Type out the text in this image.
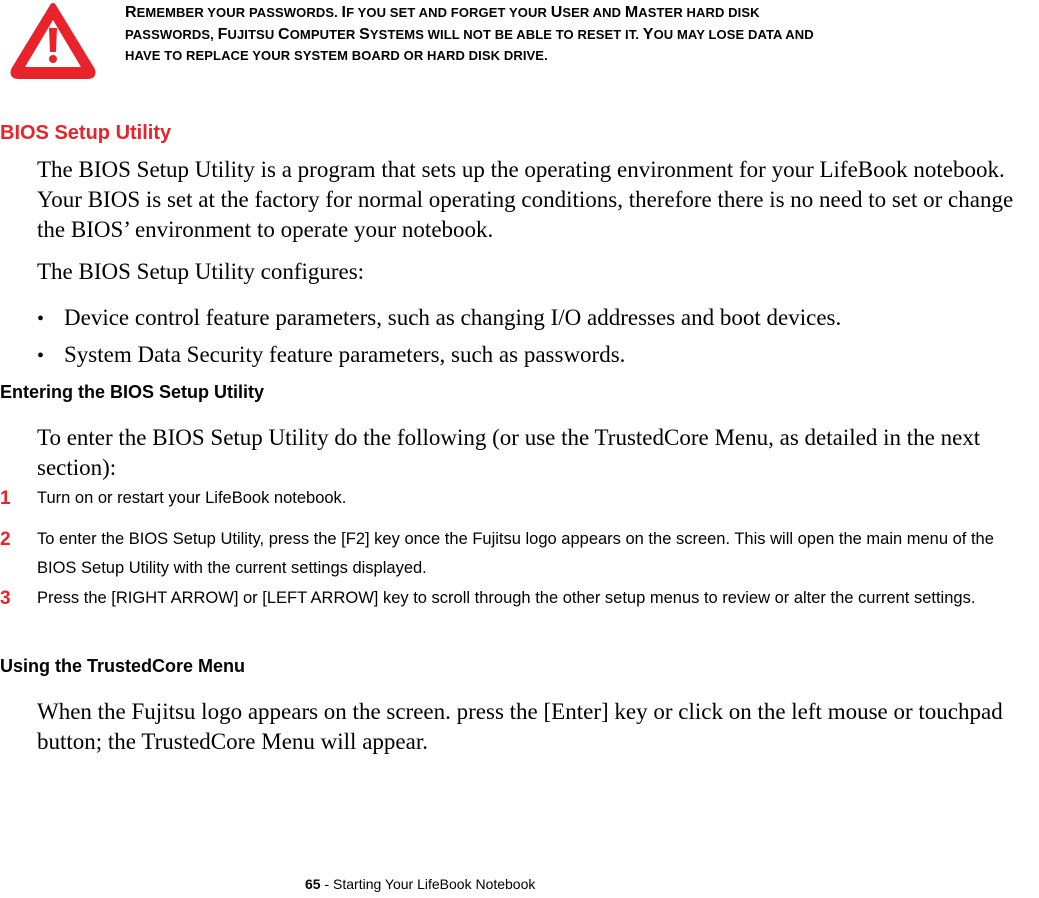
REMEMBER YOUR PASSWORDS. IF YOU SET AND FORGET YOUR USER AND MASTER HARD DISK
PASSWORDS, FUJITSU COMPUTER SYSTEMS WILL NOT BE ABLE TO RESET IT. YOU MAY LOSE DATA AND
HAVE TO REPLACE YOUR SYSTEM BOARD OR HARD DISK DRIVE.
BIOS Setup Utility

The BIOS Setup Utility is a program that sets up the operating environment for your LifeBook notebook. Your BIOS is set at the factory for normal operating conditions, therefore there is no need to set or change the BIOS’ environment to operate your notebook.

The BIOS Setup Utility configures:

• Device control feature parameters, such as changing I/O addresses and boot devices.
• System Data Security feature parameters, such as passwords.
Entering the BIOS Setup Utility

To enter the BIOS Setup Utility do the following (or use the TrustedCore Menu, as detailed in the next section):

1	Turn on or restart your LifeBook notebook.
2	To enter the BIOS Setup Utility, press the [F2] key once the Fujitsu logo appears on the screen. This will open the main menu of the BIOS Setup Utility with the current settings displayed.
3	Press the [RIGHT ARROW] or [LEFT ARROW] key to scroll through the other setup menus to review or alter the current settings.
Using the TrustedCore Menu

When the Fujitsu logo appears on the screen. press the [Enter] key or click on the left mouse or touchpad button; the TrustedCore Menu will appear.

65 - Starting Your LifeBook Notebook
